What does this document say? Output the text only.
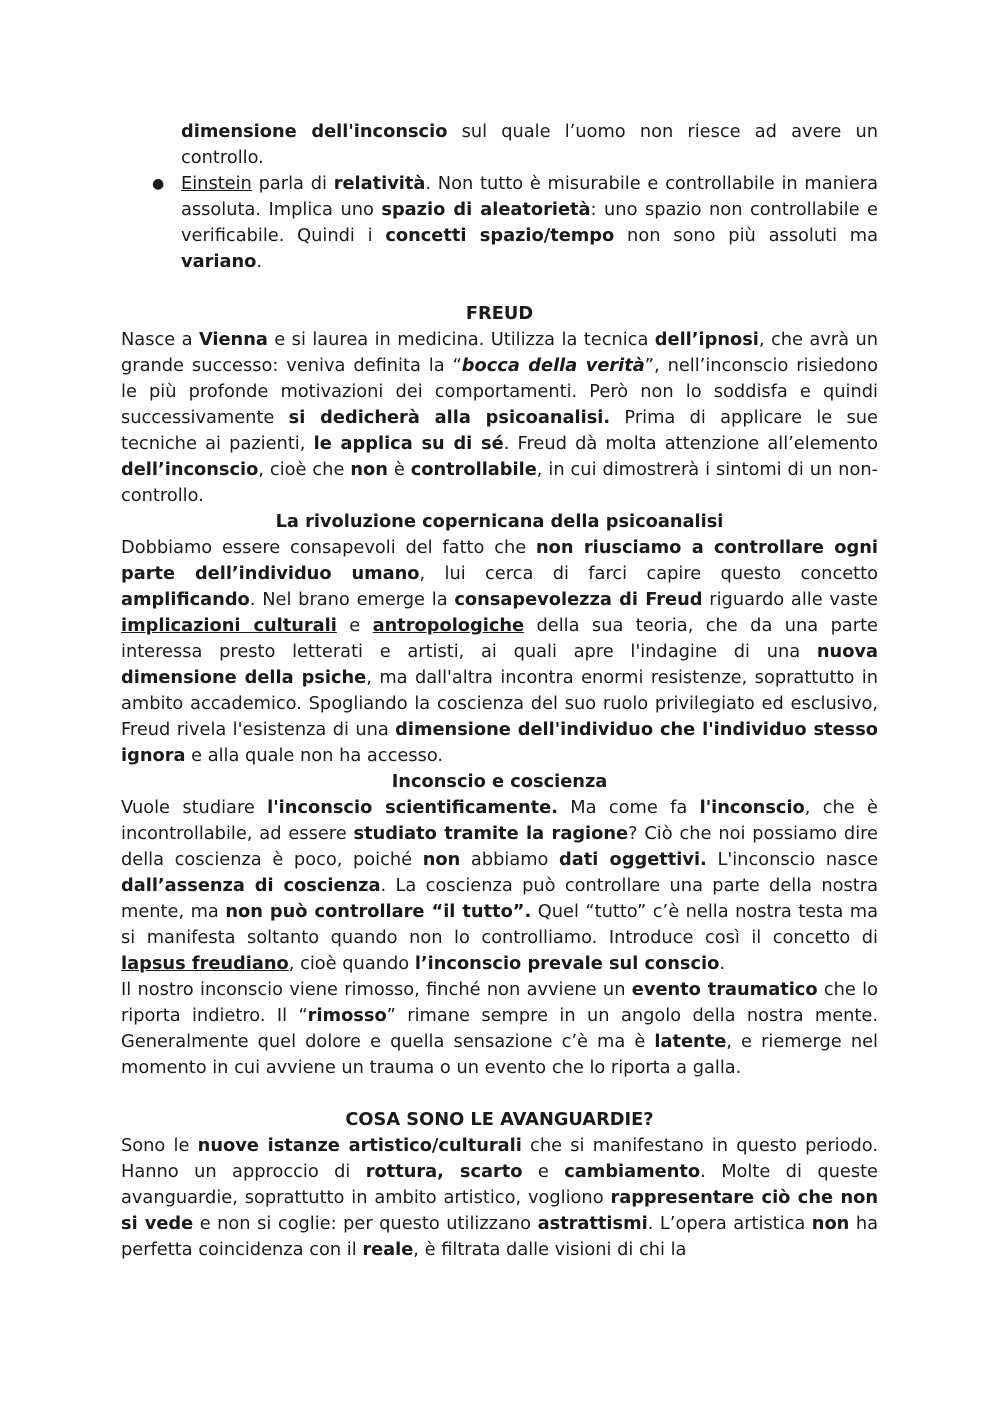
dimensione dell'inconscio sul quale l’uomo non riesce ad avere un controllo.
● Einstein parla di relatività. Non tutto è misurabile e controllabile in maniera assoluta. Implica uno spazio di aleatorietà: uno spazio non controllabile e verificabile. Quindi i concetti spazio/tempo non sono più assoluti ma variano.

FREUD

Nasce a Vienna e si laurea in medicina. Utilizza la tecnica dell’ipnosi, che avrà un grande successo: veniva definita la “bocca della verità”, nell’inconscio risiedono le più profonde motivazioni dei comportamenti. Però non lo soddisfa e quindi successivamente si dedicherà alla psicoanalisi. Prima di applicare le sue tecniche ai pazienti, le applica su di sé. Freud dà molta attenzione all’elemento dell’inconscio, cioè che non è controllabile, in cui dimostrerà i sintomi di un non-controllo.

La rivoluzione copernicana della psicoanalisi

Dobbiamo essere consapevoli del fatto che non riusciamo a controllare ogni parte dell’individuo umano, lui cerca di farci capire questo concetto amplificando. Nel brano emerge la consapevolezza di Freud riguardo alle vaste implicazioni culturali e antropologiche della sua teoria, che da una parte interessa presto letterati e artisti, ai quali apre l'indagine di una nuova dimensione della psiche, ma dall'altra incontra enormi resistenze, soprattutto in ambito accademico. Spogliando la coscienza del suo ruolo privilegiato ed esclusivo, Freud rivela l'esistenza di una dimensione dell'individuo che l'individuo stesso ignora e alla quale non ha accesso.

Inconscio e coscienza

Vuole studiare l'inconscio scientificamente. Ma come fa l'inconscio, che è incontrollabile, ad essere studiato tramite la ragione? Ciò che noi possiamo dire della coscienza è poco, poiché non abbiamo dati oggettivi. L'inconscio nasce dall’assenza di coscienza. La coscienza può controllare una parte della nostra mente, ma non può controllare “il tutto”. Quel “tutto” c’è nella nostra testa ma si manifesta soltanto quando non lo controlliamo. Introduce così il concetto di lapsus freudiano, cioè quando l’inconscio prevale sul conscio.

Il nostro inconscio viene rimosso, finché non avviene un evento traumatico che lo riporta indietro. Il “rimosso” rimane sempre in un angolo della nostra mente. Generalmente quel dolore e quella sensazione c’è ma è latente, e riemerge nel momento in cui avviene un trauma o un evento che lo riporta a galla.

COSA SONO LE AVANGUARDIE?

Sono le nuove istanze artistico/culturali che si manifestano in questo periodo. Hanno un approccio di rottura, scarto e cambiamento. Molte di queste avanguardie, soprattutto in ambito artistico, vogliono rappresentare ciò che non si vede e non si coglie: per questo utilizzano astrattismi. L’opera artistica non ha perfetta coincidenza con il reale, è filtrata dalle visioni di chi la
